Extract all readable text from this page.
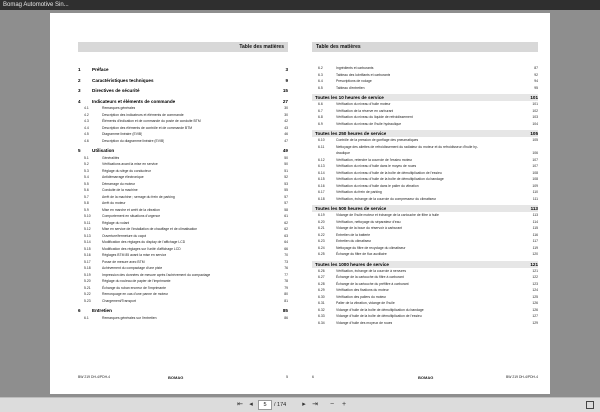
Bomag Automotive Sin...
Table des matières
1 Préface	3
2 Caractéristiques techniques	9
3 Directives de sécurité	15
4 Indicateurs et éléments de commande	27
4.1	Remarques générales	30
4.2	Description des indicateurs et éléments de commande	30
4.3	Éléments d'indication et de commande du poste de conduite BTM	42
4.4	Description des éléments de contrôle et de commande BTM	43
4.5	Diagramme linéaire (EVIB)	46
4.6	Description du diagramme linéaire (EVIB)	47
5 Utilisation	49
5.1	Généralités	50
5.2	Vérifications avant la mise en service	50
5.3	Réglage du siège du conducteur	51
5.4	Antidémarrage électronique	52
5.5	Démarrage du moteur	53
5.6	Conduite de la machine	55
5.7	Arrêt de la machine ; serrage du frein de parking	57
5.8	Arrêt du moteur	57
5.9	Mise en marche et arrêt de la vibration	58
5.10	Comportement en situations d'urgence	61
5.11	Réglage du volant	62
5.12	Mise en service de l'installation de chauffage et de climatisation	62
5.13	Ouverture/fermeture du capot	63
5.14	Modification des réglages du display de l'affichage LCD	64
5.15	Modification des réglages sur l'unité d'affichage LCD	66
5.16	Réglages BTM 85 avant la mise en service	70
5.17	Posse de mesure avec BTM	73
5.18	Achèvement du compactage d'une piste	76
5.19	Impression des données de mesure après l'achèvement du compactage	77
5.20	Réglage du rouleau de papier de l'imprimante	78
5.21	Échange du ruban encreur de l'imprimante	79
5.22	Remorquage en cas d'une panne de moteur	80
5.23	Chargement/Transport	81
6 Entretien	85
6.1	Remarques générales sur l'entretien	86
BW 219 DH-4/PDH-4	BOMAG	5
Table des matières
6.2	Ingrédients et carburants	87
6.3	Tableau des lubrifiants et carburants	92
6.4	Prescriptions de rodage	94
6.5	Tableau d'entretien	95
Toutes les 10 heures de service	101
6.6	Vérification du niveau d'huile moteur	101
6.7	Vérification de la réserve en carburant	102
6.8	Vérification du niveau du liquide de refroidissement	103
6.9	Vérification du niveau de l'huile hydraulique	104
Toutes les 250 heures de service	105
6.10	Contrôle de la pression de gonflage des pneumatiques	105
6.11	Nettoyage des ailettes de refroidissement du radiateur du moteur et du refroidisseur d'huile hy-
draulique	106
6.12	Vérification, retendre la courroie de l'essieu moteur	107
6.13	Vérification du niveau d'huile dans le moyeu de roues	107
6.14	Vérification du niveau d'huile de la boîte de démultiplication de l'essieu	108
6.15	Vérification du niveau d'huile de la boîte de démultiplication du bandage	108
6.16	Vérification du niveau d'huile dans le palier du vibration	109
6.17	Vérification du frein de parking	110
6.18	Vérification, échange de la courroie du compresseur du climatiseur	111
Toutes les 500 heures de service	113
6.19	Vidange de l'huile moteur et échange de la cartouche de filtre à huile	113
6.20	Vérification, nettoyage du séparateur d'eau	114
6.21	Vidange de la boue du réservoir à carburant	115
6.22	Entretien de la batterie	116
6.23	Entretien du climatiseur	117
6.24	Nettoyage du filtre de recyclage du climatiseur	119
6.25	Échange du filtre de flux auxiliaire	120
Toutes les 1000 heures de service	121
6.26	Vérification, échange de la courroie à nervures	121
6.27	Échange de la cartouche du filtre à carburant	122
6.28	Échange de la cartouche du préfiltre à carburant	123
6.29	Vérification des fixations du moteur	124
6.30	Vérification des paliers du moteur	125
6.31	Palier de la vibration, vidange de l'huile	126
6.32	Vidange d'huile de la boîte de démultiplication du bandage	126
6.33	Vidange d'huile de la boîte de démultiplication de l'essieu	127
6.34	Vidange d'huile des moyeux de roues	129
6	BOMAG	BW 219 DH-4/PDH-4
⇤ ◂	5	/ 174	▸ ⇥ − +
